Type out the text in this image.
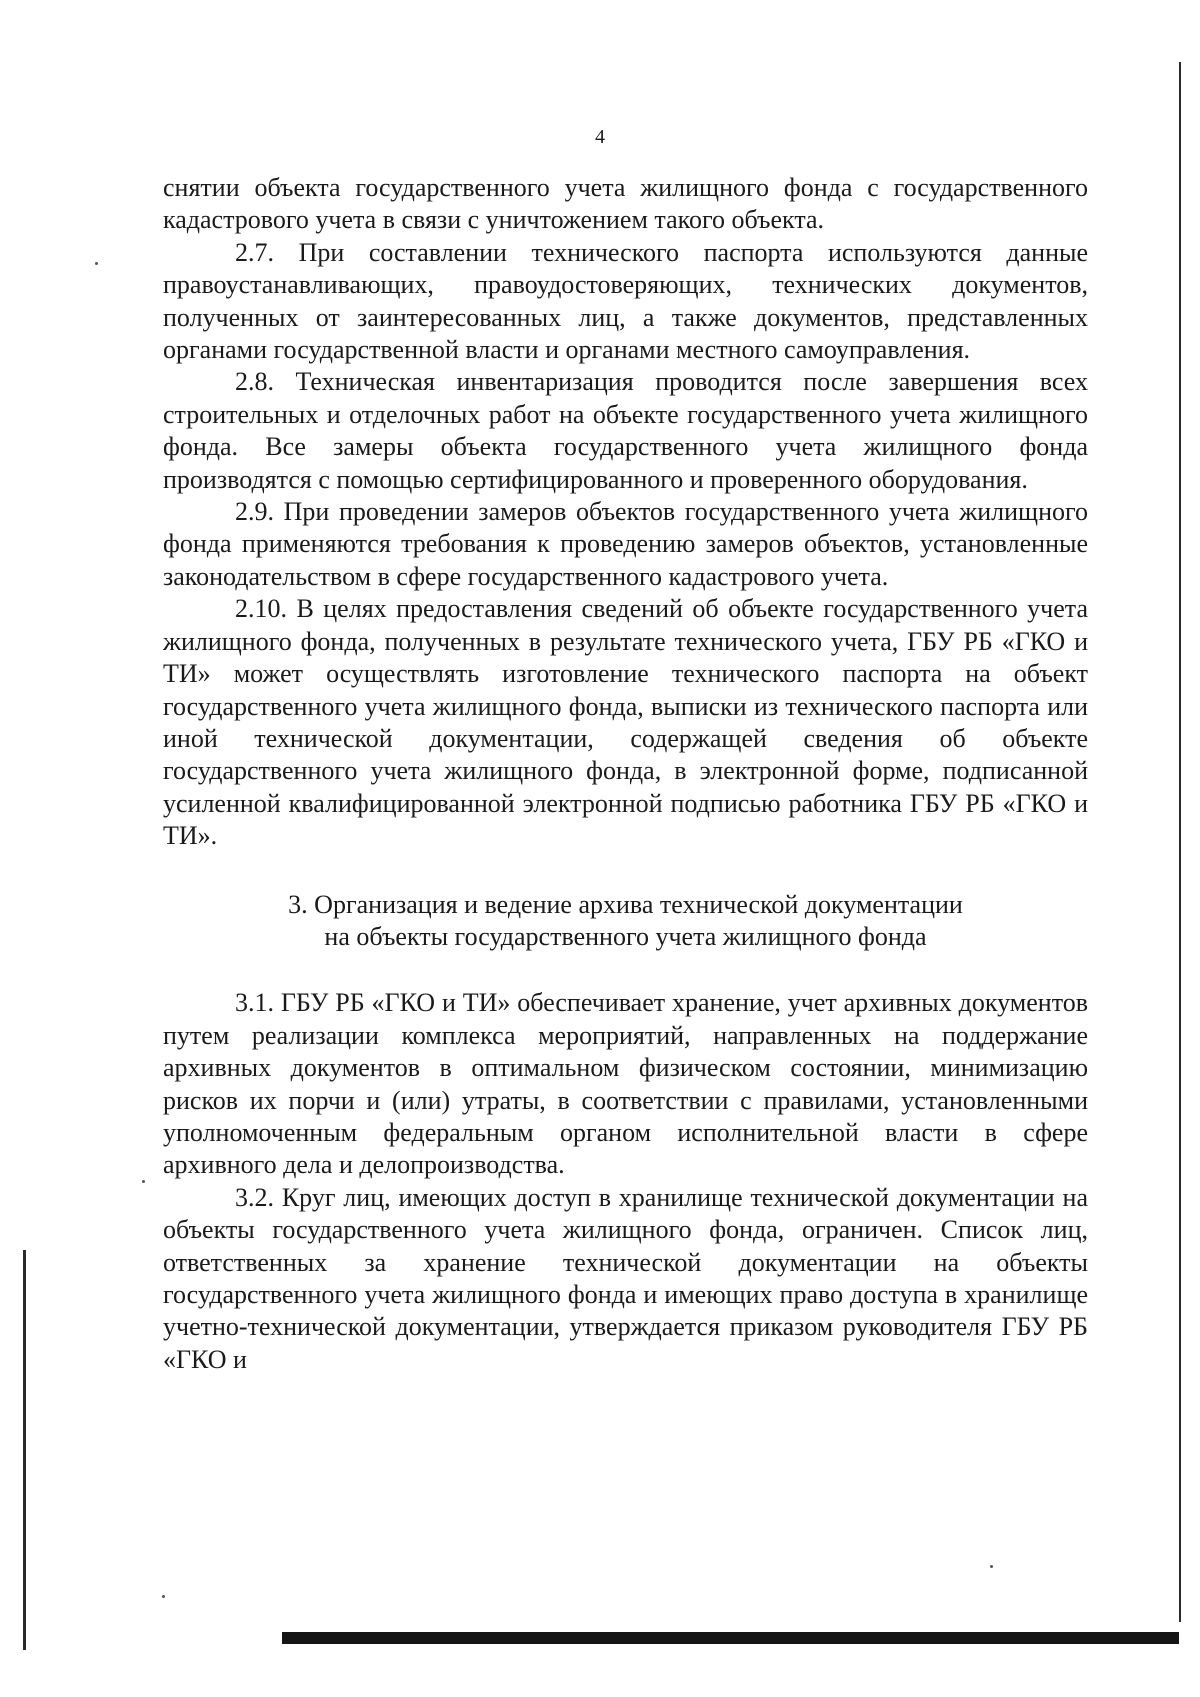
4

снятии объекта государственного учета жилищного фонда с государственного кадастрового учета в связи с уничтожением такого объекта.

2.7. При составлении технического паспорта используются данные правоустанавливающих, правоудостоверяющих, технических документов, полученных от заинтересованных лиц, а также документов, представленных органами государственной власти и органами местного самоуправления.

2.8. Техническая инвентаризация проводится после завершения всех строительных и отделочных работ на объекте государственного учета жилищного фонда. Все замеры объекта государственного учета жилищного фонда производятся с помощью сертифицированного и проверенного оборудования.

2.9. При проведении замеров объектов государственного учета жилищного фонда применяются требования к проведению замеров объектов, установленные законодательством в сфере государственного кадастрового учета.

2.10. В целях предоставления сведений об объекте государственного учета жилищного фонда, полученных в результате технического учета, ГБУ РБ «ГКО и ТИ» может осуществлять изготовление технического паспорта на объект государственного учета жилищного фонда, выписки из технического паспорта или иной технической документации, содержащей сведения об объекте государственного учета жилищного фонда, в электронной форме, подписанной усиленной квалифицированной электронной подписью работника ГБУ РБ «ГКО и ТИ».

3. Организация и ведение архива технической документации
на объекты государственного учета жилищного фонда

3.1. ГБУ РБ «ГКО и ТИ» обеспечивает хранение, учет архивных документов путем реализации комплекса мероприятий, направленных на поддержание архивных документов в оптимальном физическом состоянии, минимизацию рисков их порчи и (или) утраты, в соответствии с правилами, установленными уполномоченным федеральным органом исполнительной власти в сфере архивного дела и делопроизводства.

3.2. Круг лиц, имеющих доступ в хранилище технической документации на объекты государственного учета жилищного фонда, ограничен. Список лиц, ответственных за хранение технической документации на объекты государственного учета жилищного фонда и имеющих право доступа в хранилище учетно-технической документации, утверждается приказом руководителя ГБУ РБ «ГКО и
